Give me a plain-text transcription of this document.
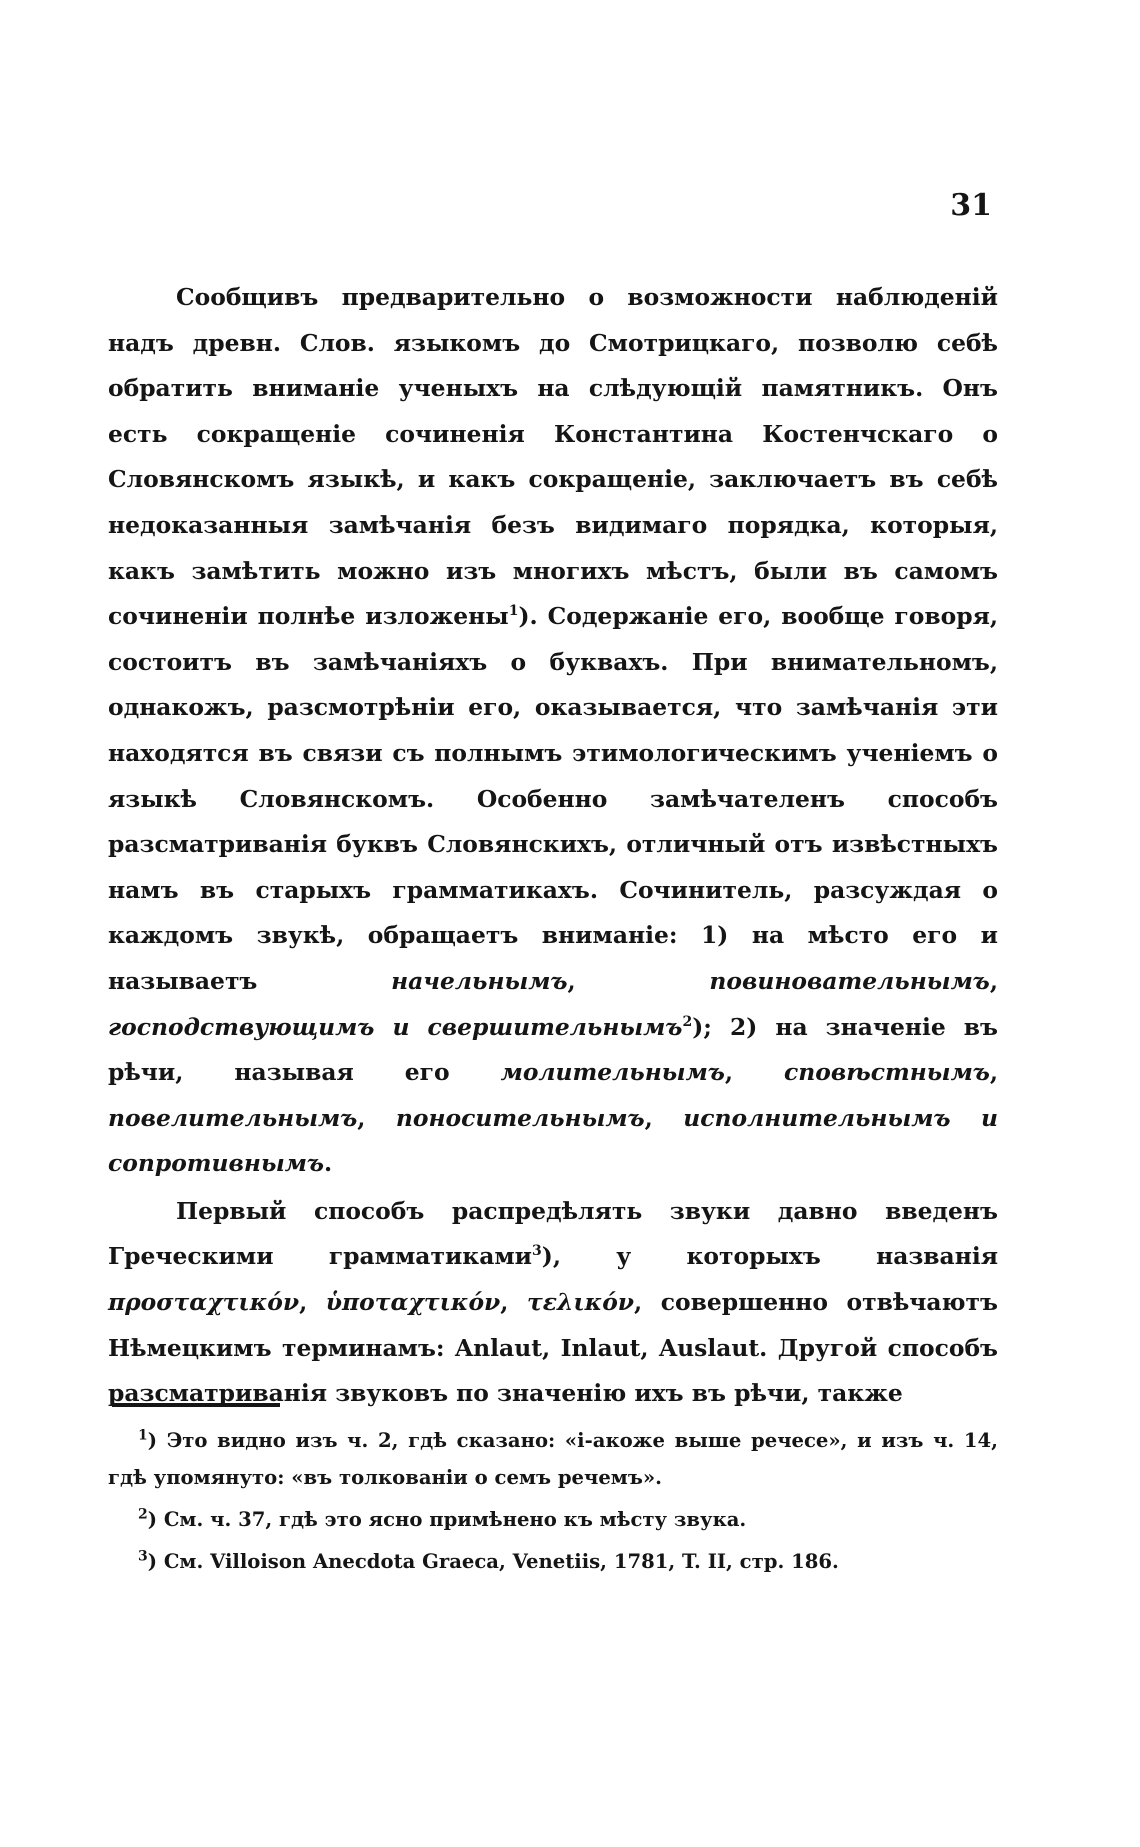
31

Сообщивъ предварительно о возможности наблюденій надъ древн. Слов. языкомъ до Смотрицкаго, позволю себѣ обратить вниманіе ученыхъ на слѣдующій памятникъ. Онъ есть сокращеніе сочиненія Константина Костенчскаго о Словянскомъ языкѣ, и какъ сокращеніе, заключаетъ въ себѣ недоказанныя замѣчанія безъ видимаго порядка, которыя, какъ замѣтить можно изъ многихъ мѣстъ, были въ самомъ сочиненіи полнѣе изложены$^1$). Содержаніе его, вообще говоря, состоитъ въ замѣчаніяхъ о буквахъ. При внимательномъ, однакожъ, разсмотрѣніи его, оказывается, что замѣчанія эти находятся въ связи съ полнымъ этимологическимъ ученіемъ о языкѣ Словянскомъ. Особенно замѣчателенъ способъ разсматриванія буквъ Словянскихъ, отличный отъ извѣстныхъ намъ въ старыхъ грамматикахъ. Сочинитель, разсуждая о каждомъ звукѣ, обращаетъ вниманіе: 1) на мѣсто его и называетъ начельнымъ, повиновательнымъ, господствующимъ и свершительнымъ$^2$); 2) на значеніе въ рѣчи, называя его молительнымъ, сповѣстнымъ, повелительнымъ, поносительнымъ, исполнительнымъ и сопротивнымъ.

Первый способъ распредѣлять звуки давно введенъ Греческими грамматиками$^3$), у которыхъ названія προσταχτικόν, ὑποταχτικόν, τελικόν, совершенно отвѣчаютъ Нѣмецкимъ терминамъ: Anlaut, Inlaut, Auslaut. Другой способъ разсматриванія звуковъ по значенію ихъ въ рѣчи, также

$^1$) Это видно изъ ч. 2, гдѣ сказано: «і-акоже выше речесе», и изъ ч. 14, гдѣ упомянуто: «въ толкованіи о семъ речемъ».

$^2$) См. ч. 37, гдѣ это ясно примѣнено къ мѣсту звука.

$^3$) См. Villoison Anecdota Graeca, Venetiis, 1781, T. II, стр. 186.
